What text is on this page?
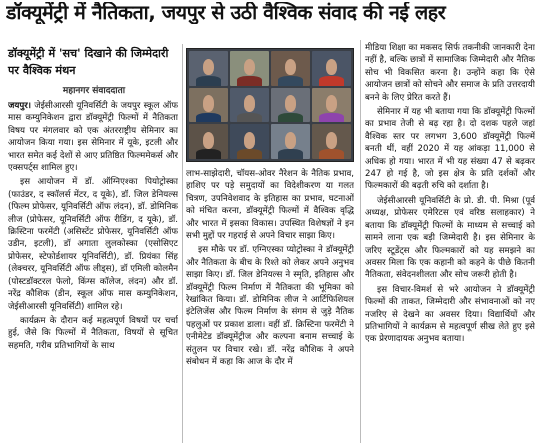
डॉक्यूमेंट्री में नैतिकता, जयपुर से उठी वैश्विक संवाद की नई लहर
डॉक्यूमेंट्री में 'सच' दिखाने की जिम्मेदारी पर वैश्विक मंथन
महानगर संवाददाता

जयपुर। जेईसीआरसी यूनिवर्सिटी के जयपुर स्कूल ऑफ मास कम्युनिकेशन द्वारा डॉक्यूमेंट्री फिल्मों में नैतिकता विषय पर मंगलवार को एक अंतरराष्ट्रीय सेमिनार का आयोजन किया गया। इस सेमिनार में यूके, इटली और भारत समेत कई देशों से आए प्रतिष्ठित फिल्ममेकर्स और एक्सपर्ट्स शामिल हुए।

इस आयोजन में डॉ. ऑग्निएश्का पियोट्रोस्का (फाउंडर, द स्कॉलर्स मेंटर, द यूके), डॉ. जिल डेनियल्स (फिल्म प्रोफेसर, यूनिवर्सिटी ऑफ लंदन), डॉ. डोमिनिक लीज (प्रोफेसर, यूनिवर्सिटी ऑफ रीडिंग, द यूके), डॉ. क्रिस्टिना फरमेंटी (असिस्टेंट प्रोफेसर, यूनिवर्सिटी ऑफ उडीन, इटली), डॉ अगाता लुलकोस्का (एसोसिएट प्रोफेसर, स्टेफोर्डशायर यूनिवर्सिटी), डॉ. प्रियंका सिंह (लेक्चरर, यूनिवर्सिटी ऑफ लीड्स), डॉ एमिली कोलमैन (पोस्टडॉक्टरल फेलो, किंग्स कॉलेज, लंदन) और डॉ. नरेंद्र कौशिक (डीन, स्कूल ऑफ मास कम्युनिकेशन, जेईसीआरसी यूनिवर्सिटी) शामिल रहे।

कार्यक्रम के दौरान कई महत्वपूर्ण विषयों पर चर्चा हुई, जैसे कि फिल्मों में नैतिकता, विषयों से सूचित सहमति, गरीब प्रतिभागियों के साथ

लाभ-साझेदारी, चॉयस-ओवर नैरेशन के नैतिक प्रभाव, हाशिए पर पड़े समुदायों का विदेशीकरण या गलत चित्रण, उपनिवेशवाद के इतिहास का प्रभाव, घटनाओं को मंचित करना, डॉक्यूमेंट्री फिल्मों में वैश्विक वृद्धि और भारत में इसका विकास। उपस्थित विशेषज्ञों ने इन सभी मुद्दों पर गहराई से अपने विचार साझा किए।

इस मौके पर डॉ. एग्निएस्का प्योट्रोस्का ने डॉक्यूमेंट्री और नैतिकता के बीच के रिश्ते को लेकर अपने अनुभव साझा किए। डॉ. जिल डेनियल्स ने स्मृति, इतिहास और डॉक्यूमेंट्री फिल्म निर्माण में नैतिकता की भूमिका को रेखांकित किया। डॉ. डोमिनिक लीज ने आर्टिफिशियल इंटेलिजेंस और फिल्म निर्माण के संगम से जुड़े नैतिक पहलुओं पर प्रकाश डाला। वहीं डॉ. क्रिस्टिना फरमेंटी ने एनीमेटेड डॉक्यूमेंट्रीज और कल्पना बनाम सच्चाई के संतुलन पर विचार रखे। डॉ. नरेंद्र कौशिक ने अपने संबोधन में कहा कि आज के दौर में

मीडिया शिक्षा का मकसद सिर्फ तकनीकी जानकारी देना नहीं है, बल्कि छात्रों में सामाजिक जिम्मेदारी और नैतिक सोच भी विकसित करना है। उन्होंने कहा कि ऐसे आयोजन छात्रों को सोचने और समाज के प्रति उत्तरदायी बनने के लिए प्रेरित करते हैं।

सेमिनार में यह भी बताया गया कि डॉक्यूमेंट्री फिल्मों का प्रभाव तेजी से बढ़ रहा है। दो दशक पहले जहां वैश्विक स्तर पर लगभग 3,600 डॉक्यूमेंट्री फिल्में बनती थीं, वहीं 2020 में यह आंकड़ा 11,000 से अधिक हो गया। भारत में भी यह संख्या 47 से बढ़कर 247 हो गई है, जो इस क्षेत्र के प्रति दर्शकों और फिल्मकारों की बढ़ती रुचि को दर्शाता है।

जेईसीआरसी यूनिवर्सिटी के प्रो. डी. पी. मिश्रा (पूर्व अध्यक्ष, प्रोफेसर एमेरिटस एवं वरिष्ठ सलाहकार) ने बताया कि डॉक्यूमेंट्री फिल्मों के माध्यम से सच्चाई को सामने लाना एक बड़ी जिम्मेदारी है। इस सेमिनार के जरिए स्टूडेंट्स और फिल्मकारों को यह समझने का अवसर मिला कि एक कहानी को कहने के पीछे कितनी नैतिकता, संवेदनशीलता और सोच जरूरी होती है।

इस विचार-विमर्श से भरे आयोजन ने डॉक्यूमेंट्री फिल्मों की ताकत, जिम्मेदारी और संभावनाओं को नए नजरिए से देखने का अवसर दिया। विद्यार्थियों और प्रतिभागियों ने कार्यक्रम से महत्वपूर्ण सीख लेते हुए इसे एक प्रेरणादायक अनुभव बताया।
